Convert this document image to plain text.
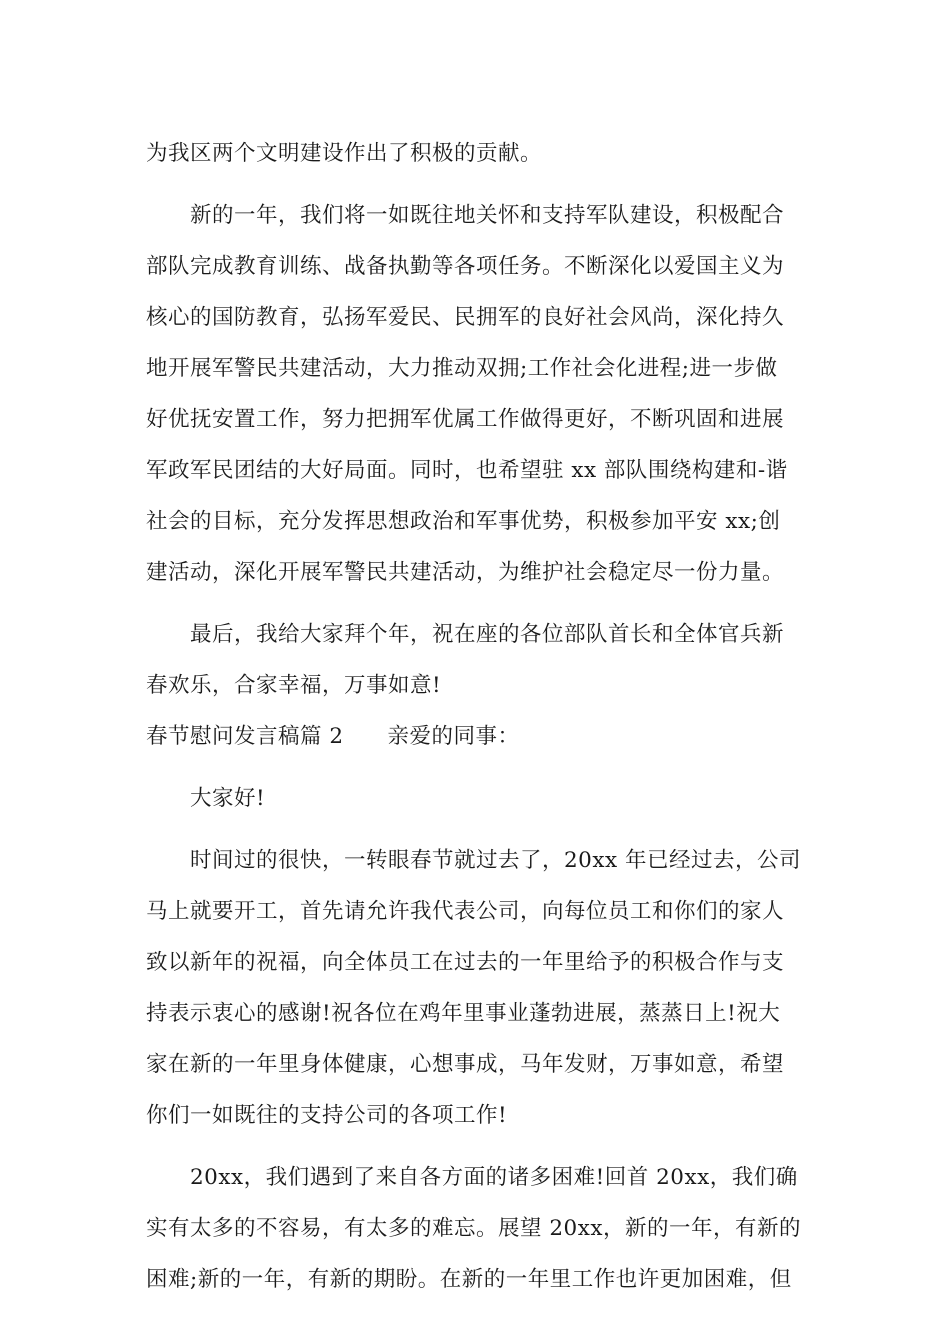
为我区两个文明建设作出了积极的贡献。
新的一年，我们将一如既往地关怀和支持军队建设，积极配合
部队完成教育训练、战备执勤等各项任务。不断深化以爱国主义为
核心的国防教育，弘扬军爱民、民拥军的良好社会风尚，深化持久
地开展军警民共建活动，大力推动双拥;工作社会化进程;进一步做
好优抚安置工作，努力把拥军优属工作做得更好，不断巩固和进展
军政军民团结的大好局面。同时，也希望驻 xx 部队围绕构建和-谐
社会的目标，充分发挥思想政治和军事优势，积极参加平安 xx;创
建活动，深化开展军警民共建活动，为维护社会稳定尽一份力量。
最后，我给大家拜个年，祝在座的各位部队首长和全体官兵新
春欢乐，合家幸福，万事如意!
春节慰问发言稿篇 2 亲爱的同事：
大家好!
时间过的很快，一转眼春节就过去了，20xx 年已经过去，公司
马上就要开工，首先请允许我代表公司，向每位员工和你们的家人
致以新年的祝福，向全体员工在过去的一年里给予的积极合作与支
持表示衷心的感谢!祝各位在鸡年里事业蓬勃进展，蒸蒸日上!祝大
家在新的一年里身体健康，心想事成，马年发财，万事如意，希望
你们一如既往的支持公司的各项工作!
20xx，我们遇到了来自各方面的诸多困难!回首 20xx，我们确
实有太多的不容易，有太多的难忘。展望 20xx，新的一年，有新的
困难;新的一年，有新的期盼。在新的一年里工作也许更加困难，但
